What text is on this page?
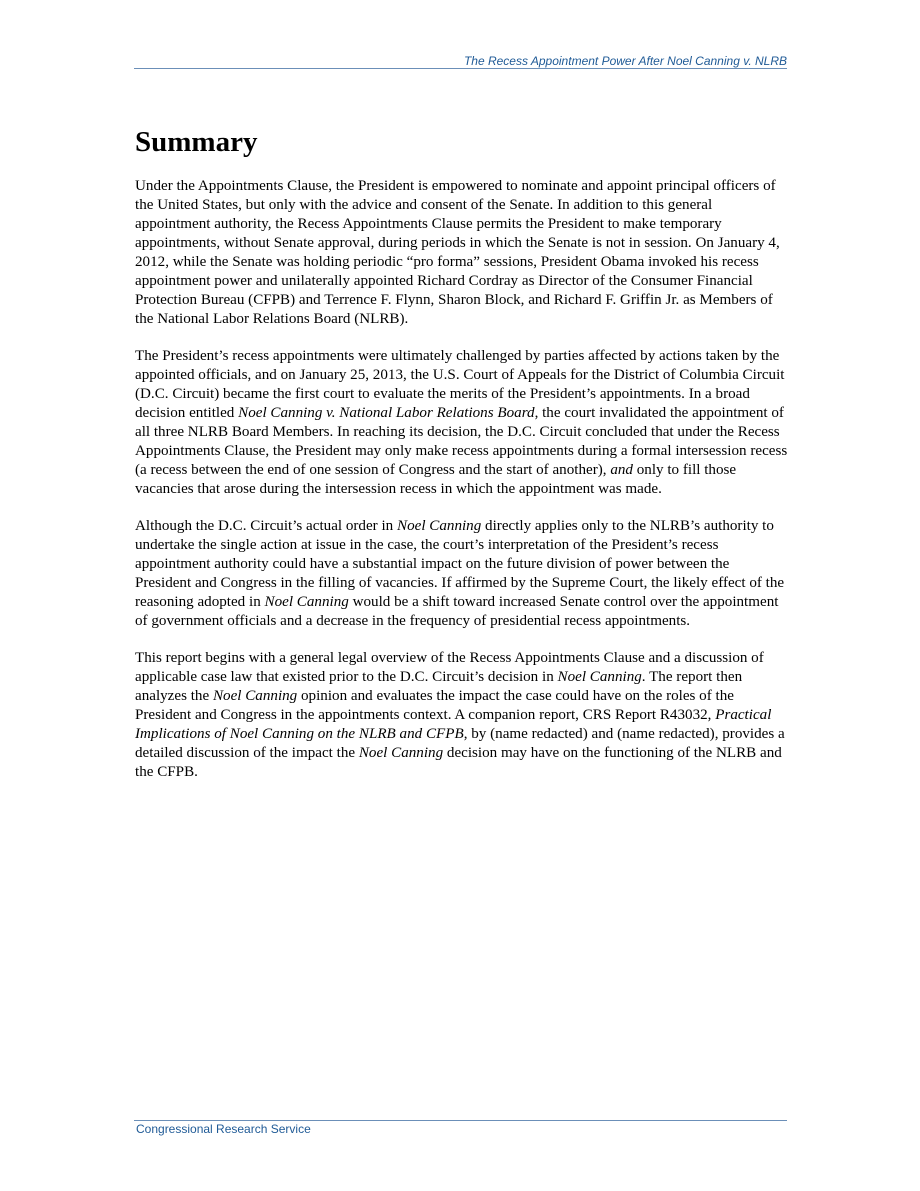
The Recess Appointment Power After Noel Canning v. NLRB
Summary

Under the Appointments Clause, the President is empowered to nominate and appoint principal officers of the United States, but only with the advice and consent of the Senate. In addition to this general appointment authority, the Recess Appointments Clause permits the President to make temporary appointments, without Senate approval, during periods in which the Senate is not in session. On January 4, 2012, while the Senate was holding periodic “pro forma” sessions, President Obama invoked his recess appointment power and unilaterally appointed Richard Cordray as Director of the Consumer Financial Protection Bureau (CFPB) and Terrence F. Flynn, Sharon Block, and Richard F. Griffin Jr. as Members of the National Labor Relations Board (NLRB).

The President’s recess appointments were ultimately challenged by parties affected by actions taken by the appointed officials, and on January 25, 2013, the U.S. Court of Appeals for the District of Columbia Circuit (D.C. Circuit) became the first court to evaluate the merits of the President’s appointments. In a broad decision entitled Noel Canning v. National Labor Relations Board, the court invalidated the appointment of all three NLRB Board Members. In reaching its decision, the D.C. Circuit concluded that under the Recess Appointments Clause, the President may only make recess appointments during a formal intersession recess (a recess between the end of one session of Congress and the start of another), and only to fill those vacancies that arose during the intersession recess in which the appointment was made.

Although the D.C. Circuit’s actual order in Noel Canning directly applies only to the NLRB’s authority to undertake the single action at issue in the case, the court’s interpretation of the President’s recess appointment authority could have a substantial impact on the future division of power between the President and Congress in the filling of vacancies. If affirmed by the Supreme Court, the likely effect of the reasoning adopted in Noel Canning would be a shift toward increased Senate control over the appointment of government officials and a decrease in the frequency of presidential recess appointments.

This report begins with a general legal overview of the Recess Appointments Clause and a discussion of applicable case law that existed prior to the D.C. Circuit’s decision in Noel Canning. The report then analyzes the Noel Canning opinion and evaluates the impact the case could have on the roles of the President and Congress in the appointments context. A companion report, CRS Report R43032, Practical Implications of Noel Canning on the NLRB and CFPB, by (name redacted) and (name redacted), provides a detailed discussion of the impact the Noel Canning decision may have on the functioning of the NLRB and the CFPB.

Congressional Research Service
